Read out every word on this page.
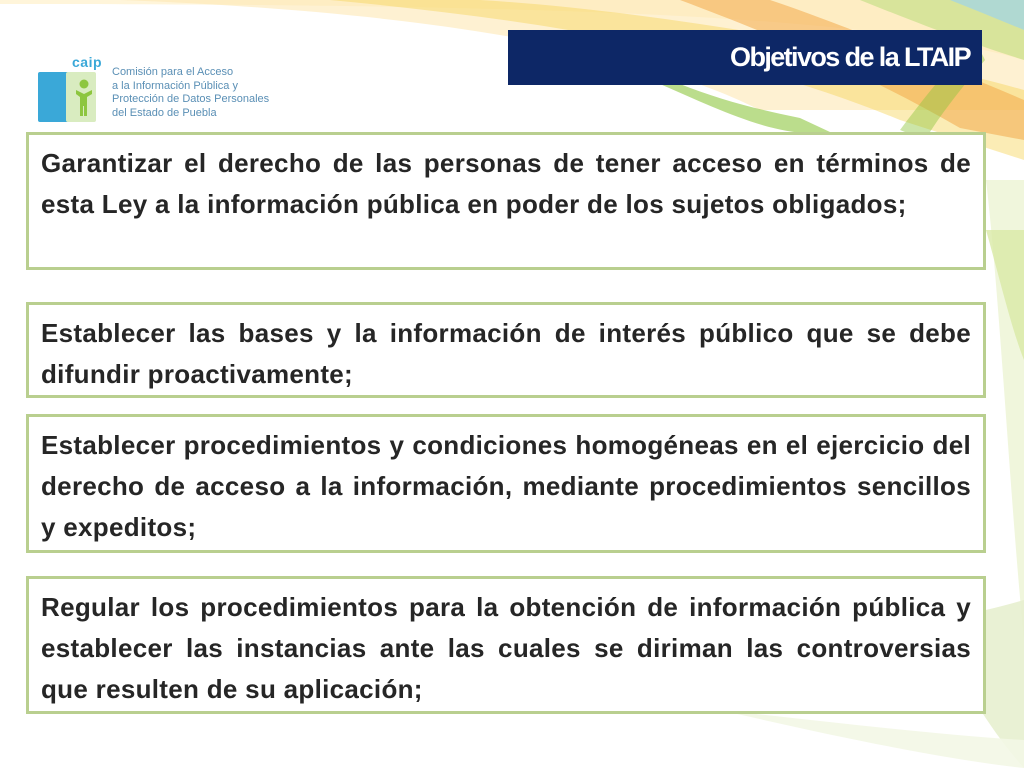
caip
Comisión para el Acceso
a la Información Pública y
Protección de Datos Personales
del Estado de Puebla
Objetivos de la LTAIP

Garantizar el derecho de las personas de tener acceso en términos de esta Ley a la información pública en poder de los sujetos obligados;

Establecer las bases y la información de interés público que se debe difundir proactivamente;

Establecer procedimientos y condiciones homogéneas en el ejercicio del derecho de acceso a la información, mediante procedimientos sencillos y expeditos;

Regular los procedimientos para la obtención de información pública y establecer las instancias ante las cuales se diriman las controversias que resulten de su aplicación;
